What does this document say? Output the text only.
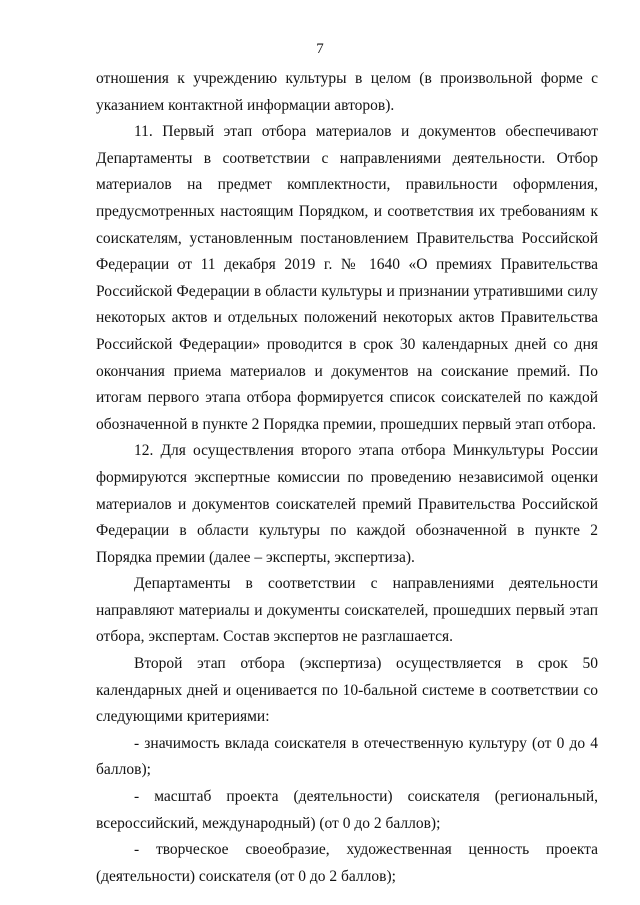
7

отношения к учреждению культуры в целом (в произвольной форме с указанием контактной информации авторов).

11. Первый этап отбора материалов и документов обеспечивают Департаменты в соответствии с направлениями деятельности. Отбор материалов на предмет комплектности, правильности оформления, предусмотренных настоящим Порядком, и соответствия их требованиям к соискателям, установленным постановлением Правительства Российской Федерации от 11 декабря 2019 г. № 1640 «О премиях Правительства Российской Федерации в области культуры и признании утратившими силу некоторых актов и отдельных положений некоторых актов Правительства Российской Федерации» проводится в срок 30 календарных дней со дня окончания приема материалов и документов на соискание премий. По итогам первого этапа отбора формируется список соискателей по каждой обозначенной в пункте 2 Порядка премии, прошедших первый этап отбора.

12. Для осуществления второго этапа отбора Минкультуры России формируются экспертные комиссии по проведению независимой оценки материалов и документов соискателей премий Правительства Российской Федерации в области культуры по каждой обозначенной в пункте 2 Порядка премии (далее – эксперты, экспертиза).

Департаменты в соответствии с направлениями деятельности направляют материалы и документы соискателей, прошедших первый этап отбора, экспертам. Состав экспертов не разглашается.

Второй этап отбора (экспертиза) осуществляется в срок 50 календарных дней и оценивается по 10-бальной системе в соответствии со следующими критериями:

- значимость вклада соискателя в отечественную культуру (от 0 до 4 баллов);

- масштаб проекта (деятельности) соискателя (региональный, всероссийский, международный) (от 0 до 2 баллов);

- творческое своеобразие, художественная ценность проекта (деятельности) соискателя (от 0 до 2 баллов);
